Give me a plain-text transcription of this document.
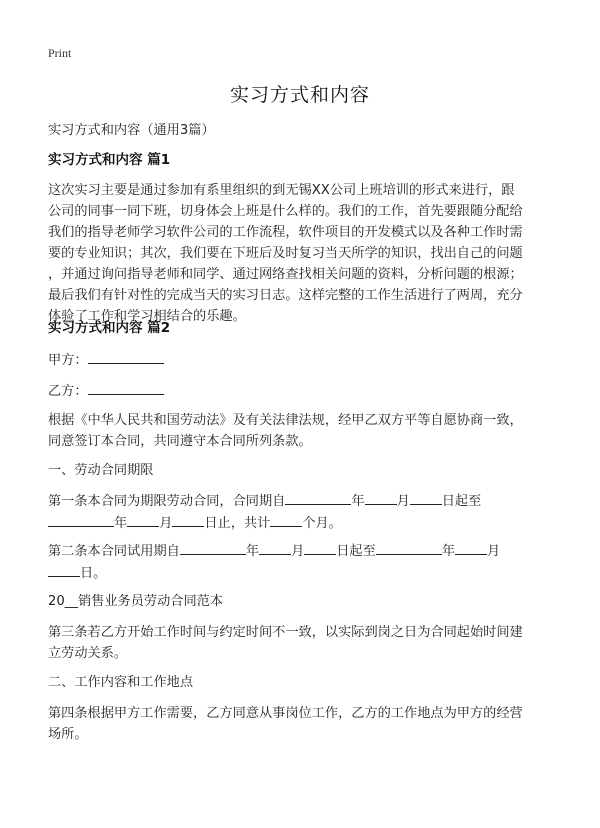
Print
实习方式和内容
实习方式和内容（通用3篇）
实习方式和内容 篇1
这次实习主要是通过参加有系里组织的到无锡XX公司上班培训的形式来进行，跟
公司的同事一同下班，切身体会上班是什么样的。我们的工作，首先要跟随分配给
我们的指导老师学习软件公司的工作流程，软件项目的开发模式以及各种工作时需
要的专业知识；其次，我们要在下班后及时复习当天所学的知识，找出自己的问题
，并通过询问指导老师和同学、通过网络查找相关问题的资料，分析问题的根源；
最后我们有针对性的完成当天的实习日志。这样完整的工作生活进行了两周，充分
体验了工作和学习相结合的乐趣。
实习方式和内容 篇2
甲方：
乙方：
根据《中华人民共和国劳动法》及有关法律法规，经甲乙双方平等自愿协商一致，
同意签订本合同，共同遵守本合同所列条款。
一、劳动合同期限
第一条本合同为期限劳动合同，合同期自	年 月 日起至
年 月 日止，共计 个月。
第二条本合同试用期自	年 月 日起至	年 月
日。
20__销售业务员劳动合同范本
第三条若乙方开始工作时间与约定时间不一致，以实际到岗之日为合同起始时间建
立劳动关系。
二、工作内容和工作地点
第四条根据甲方工作需要，乙方同意从事岗位工作，乙方的工作地点为甲方的经营
场所。
